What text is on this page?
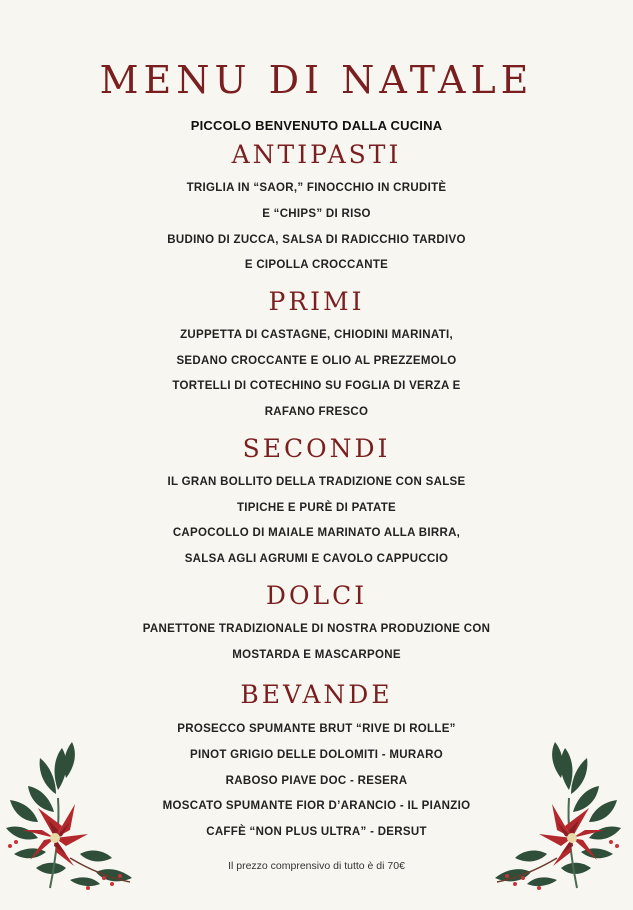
MENU DI NATALE
PICCOLO BENVENUTO DALLA CUCINA
ANTIPASTI
TRIGLIA IN “SAOR,” FINOCCHIO IN CRUDITÈ
E “CHIPS” DI RISO
BUDINO DI ZUCCA, SALSA DI RADICCHIO TARDIVO
E CIPOLLA CROCCANTE
PRIMI
ZUPPETTA DI CASTAGNE, CHIODINI MARINATI,
SEDANO CROCCANTE E OLIO AL PREZZEMOLO
TORTELLI DI COTECHINO SU FOGLIA DI VERZA E
RAFANO FRESCO
SECONDI
IL GRAN BOLLITO DELLA TRADIZIONE CON SALSE
TIPICHE E PURÈ DI PATATE
CAPOCOLLO DI MAIALE MARINATO ALLA BIRRA,
SALSA AGLI AGRUMI E CAVOLO CAPPUCCIO
DOLCI
PANETTONE TRADIZIONALE DI NOSTRA PRODUZIONE CON
MOSTARDA E MASCARPONE
BEVANDE
PROSECCO SPUMANTE BRUT “RIVE DI ROLLE”
PINOT GRIGIO DELLE DOLOMITI - MURARO
RABOSO PIAVE DOC - RESERA
MOSCATO SPUMANTE FIOR D’ARANCIO - IL PIANZIO
CAFFÈ “NON PLUS ULTRA” - DERSUT
Il prezzo comprensivo di tutto è di 70€
